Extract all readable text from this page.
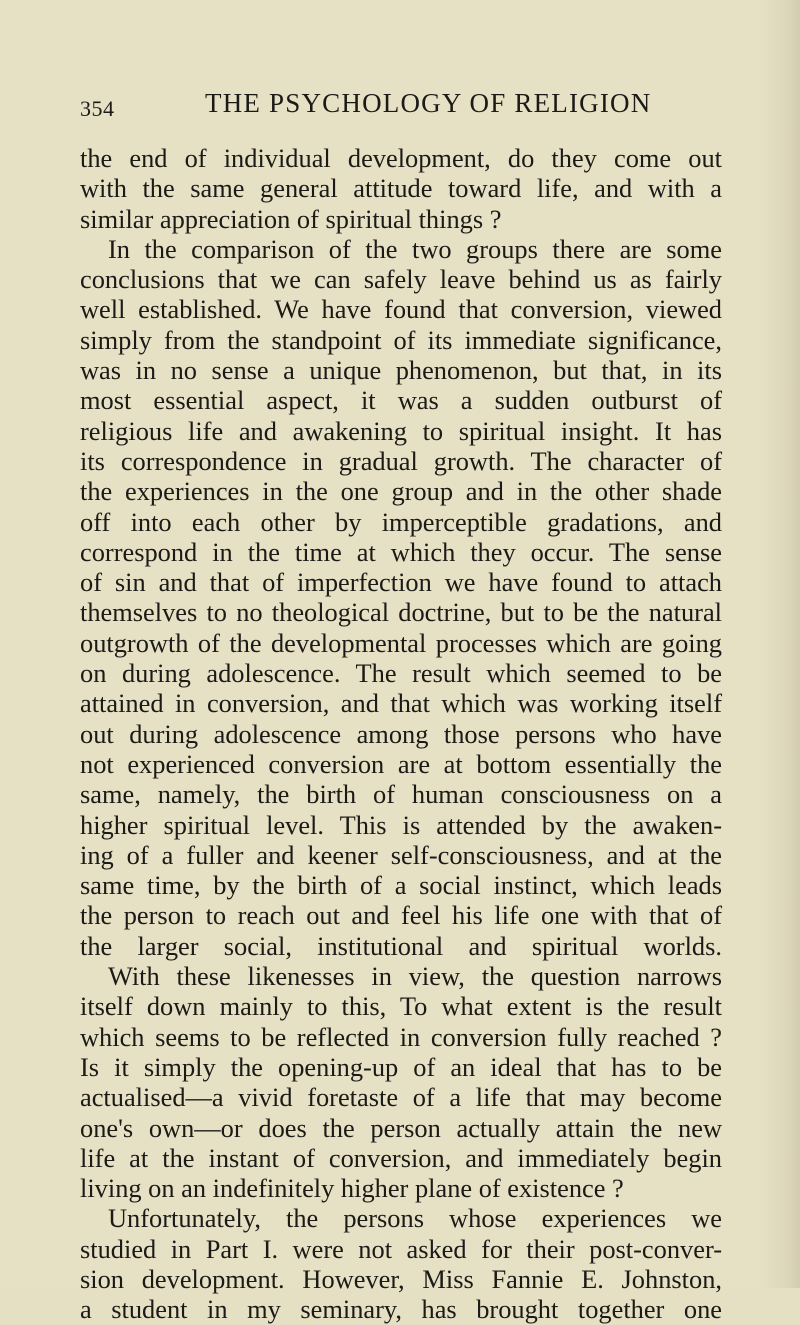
354	THE PSYCHOLOGY OF RELIGION
the end of individual development, do they come out
with the same general attitude toward life, and with a
similar appreciation of spiritual things ?
In the comparison of the two groups there are some
conclusions that we can safely leave behind us as fairly
well established. We have found that conversion, viewed
simply from the standpoint of its immediate significance,
was in no sense a unique phenomenon, but that, in its
most essential aspect, it was a sudden outburst of
religious life and awakening to spiritual insight. It has
its correspondence in gradual growth. The character of
the experiences in the one group and in the other shade
off into each other by imperceptible gradations, and
correspond in the time at which they occur. The sense
of sin and that of imperfection we have found to attach
themselves to no theological doctrine, but to be the natural
outgrowth of the developmental processes which are going
on during adolescence. The result which seemed to be
attained in conversion, and that which was working itself
out during adolescence among those persons who have
not experienced conversion are at bottom essentially the
same, namely, the birth of human consciousness on a
higher spiritual level. This is attended by the awaken-
ing of a fuller and keener self-consciousness, and at the
same time, by the birth of a social instinct, which leads
the person to reach out and feel his life one with that of
the larger social, institutional and spiritual worlds.
With these likenesses in view, the question narrows
itself down mainly to this, To what extent is the result
which seems to be reflected in conversion fully reached ?
Is it simply the opening-up of an ideal that has to be
actualised—a vivid foretaste of a life that may become
one's own—or does the person actually attain the new
life at the instant of conversion, and immediately begin
living on an indefinitely higher plane of existence ?
Unfortunately, the persons whose experiences we
studied in Part I. were not asked for their post-conver-
sion development. However, Miss Fannie E. Johnston,
a student in my seminary, has brought together one
